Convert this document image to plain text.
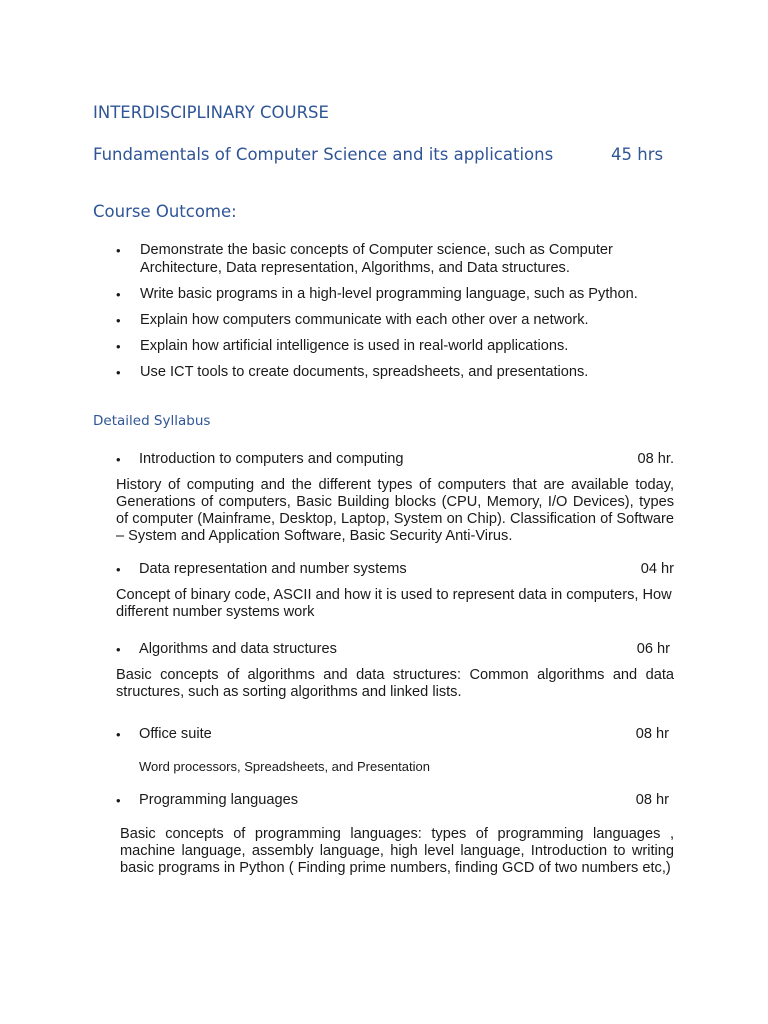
INTERDISCIPLINARY COURSE
Fundamentals of Computer Science and its applications	45 hrs
Course Outcome:
• Demonstrate the basic concepts of Computer science, such as Computer Architecture, Data representation, Algorithms, and Data structures.
• Write basic programs in a high-level programming language, such as Python.
• Explain how computers communicate with each other over a network.
• Explain how artificial intelligence is used in real-world applications.
• Use ICT tools to create documents, spreadsheets, and presentations.
Detailed Syllabus
• Introduction to computers and computing	08 hr.
History of computing and the different types of computers that are available today, Generations of computers, Basic Building blocks (CPU, Memory, I/O Devices), types of computer (Mainframe, Desktop, Laptop, System on Chip). Classification of Software – System and Application Software, Basic Security Anti-Virus.
• Data representation and number systems	04 hr
Concept of binary code, ASCII and how it is used to represent data in computers, How different number systems work
• Algorithms and data structures	06 hr
Basic concepts of algorithms and data structures: Common algorithms and data structures, such as sorting algorithms and linked lists.
• Office suite	08 hr
Word processors, Spreadsheets, and Presentation
• Programming languages	08 hr
Basic concepts of programming languages: types of programming languages , machine language, assembly language, high level language, Introduction to writing basic programs in Python ( Finding prime numbers, finding GCD of two numbers etc,)
